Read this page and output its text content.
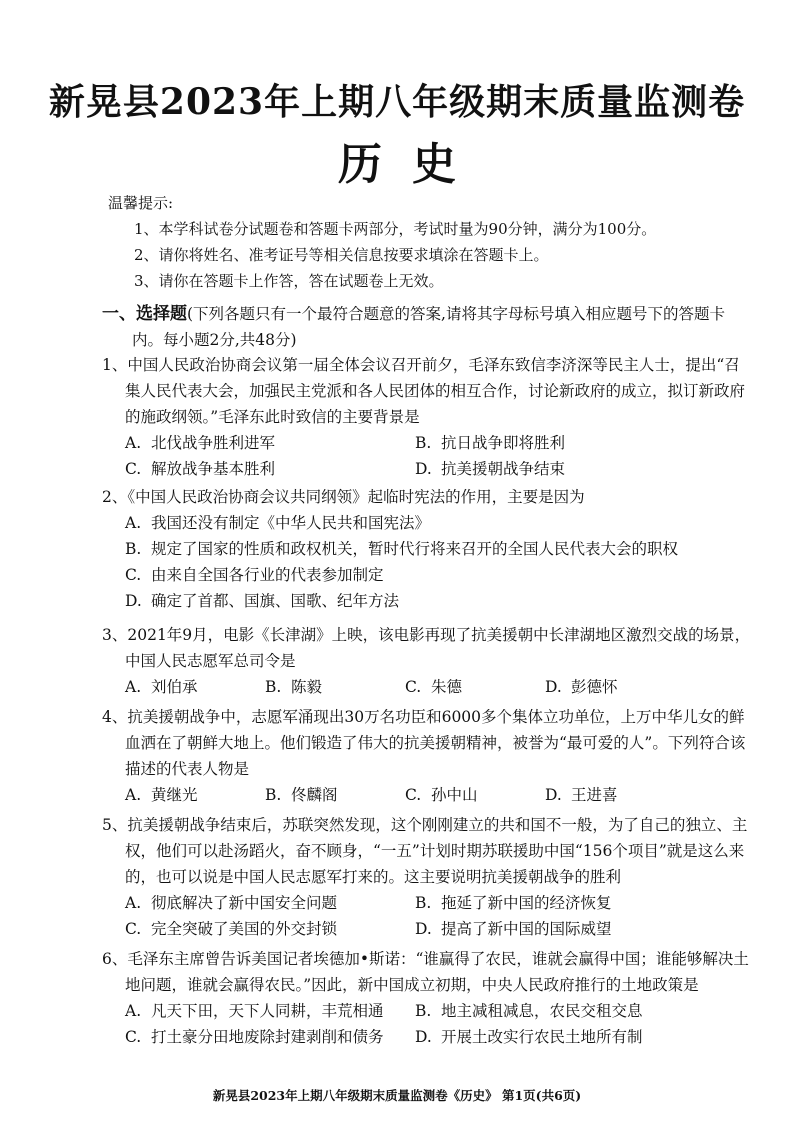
新晃县2023年上期八年级期末质量监测卷
历史
温馨提示:
1、本学科试卷分试题卷和答题卡两部分，考试时量为90分钟，满分为100分。
2、请你将姓名、准考证号等相关信息按要求填涂在答题卡上。
3、请你在答题卡上作答，答在试题卷上无效。
一、选择题(下列各题只有一个最符合题意的答案,请将其字母标号填入相应题号下的答题卡
内。每小题2分,共48分)
1、中国人民政治协商会议第一届全体会议召开前夕，毛泽东致信李济深等民主人士，提出“召
集人民代表大会，加强民主党派和各人民团体的相互合作，讨论新政府的成立，拟订新政府
的施政纲领。”毛泽东此时致信的主要背景是
A. 北伐战争胜利进军	B. 抗日战争即将胜利
C. 解放战争基本胜利	D. 抗美援朝战争结束
2、《中国人民政治协商会议共同纲领》起临时宪法的作用，主要是因为
A. 我国还没有制定《中华人民共和国宪法》
B. 规定了国家的性质和政权机关，暂时代行将来召开的全国人民代表大会的职权
C. 由来自全国各行业的代表参加制定
D. 确定了首都、国旗、国歌、纪年方法
3、2021年9月，电影《长津湖》上映，该电影再现了抗美援朝中长津湖地区激烈交战的场景，
中国人民志愿军总司令是
A. 刘伯承	B. 陈毅	C. 朱德	D. 彭德怀
4、抗美援朝战争中，志愿军涌现出30万名功臣和6000多个集体立功单位，上万中华儿女的鲜
血洒在了朝鲜大地上。他们锻造了伟大的抗美援朝精神，被誉为“最可爱的人”。下列符合该
描述的代表人物是
A. 黄继光	B. 佟麟阁	C. 孙中山	D. 王进喜
5、抗美援朝战争结束后，苏联突然发现，这个刚刚建立的共和国不一般，为了自己的独立、主
权，他们可以赴汤蹈火，奋不顾身，“一五”计划时期苏联援助中国“156个项目”就是这么来
的，也可以说是中国人民志愿军打来的。这主要说明抗美援朝战争的胜利
A. 彻底解决了新中国安全问题	B. 拖延了新中国的经济恢复
C. 完全突破了美国的外交封锁	D. 提高了新中国的国际威望
6、毛泽东主席曾告诉美国记者埃德加•斯诺：“谁赢得了农民，谁就会赢得中国；谁能够解决土
地问题，谁就会赢得农民。”因此，新中国成立初期，中央人民政府推行的土地政策是
A. 凡天下田，天下人同耕，丰荒相通	B. 地主减租减息，农民交租交息
C. 打土豪分田地废除封建剥削和债务	D. 开展土改实行农民土地所有制
新晃县2023年上期八年级期末质量监测卷《历史》 第1页(共6页)
